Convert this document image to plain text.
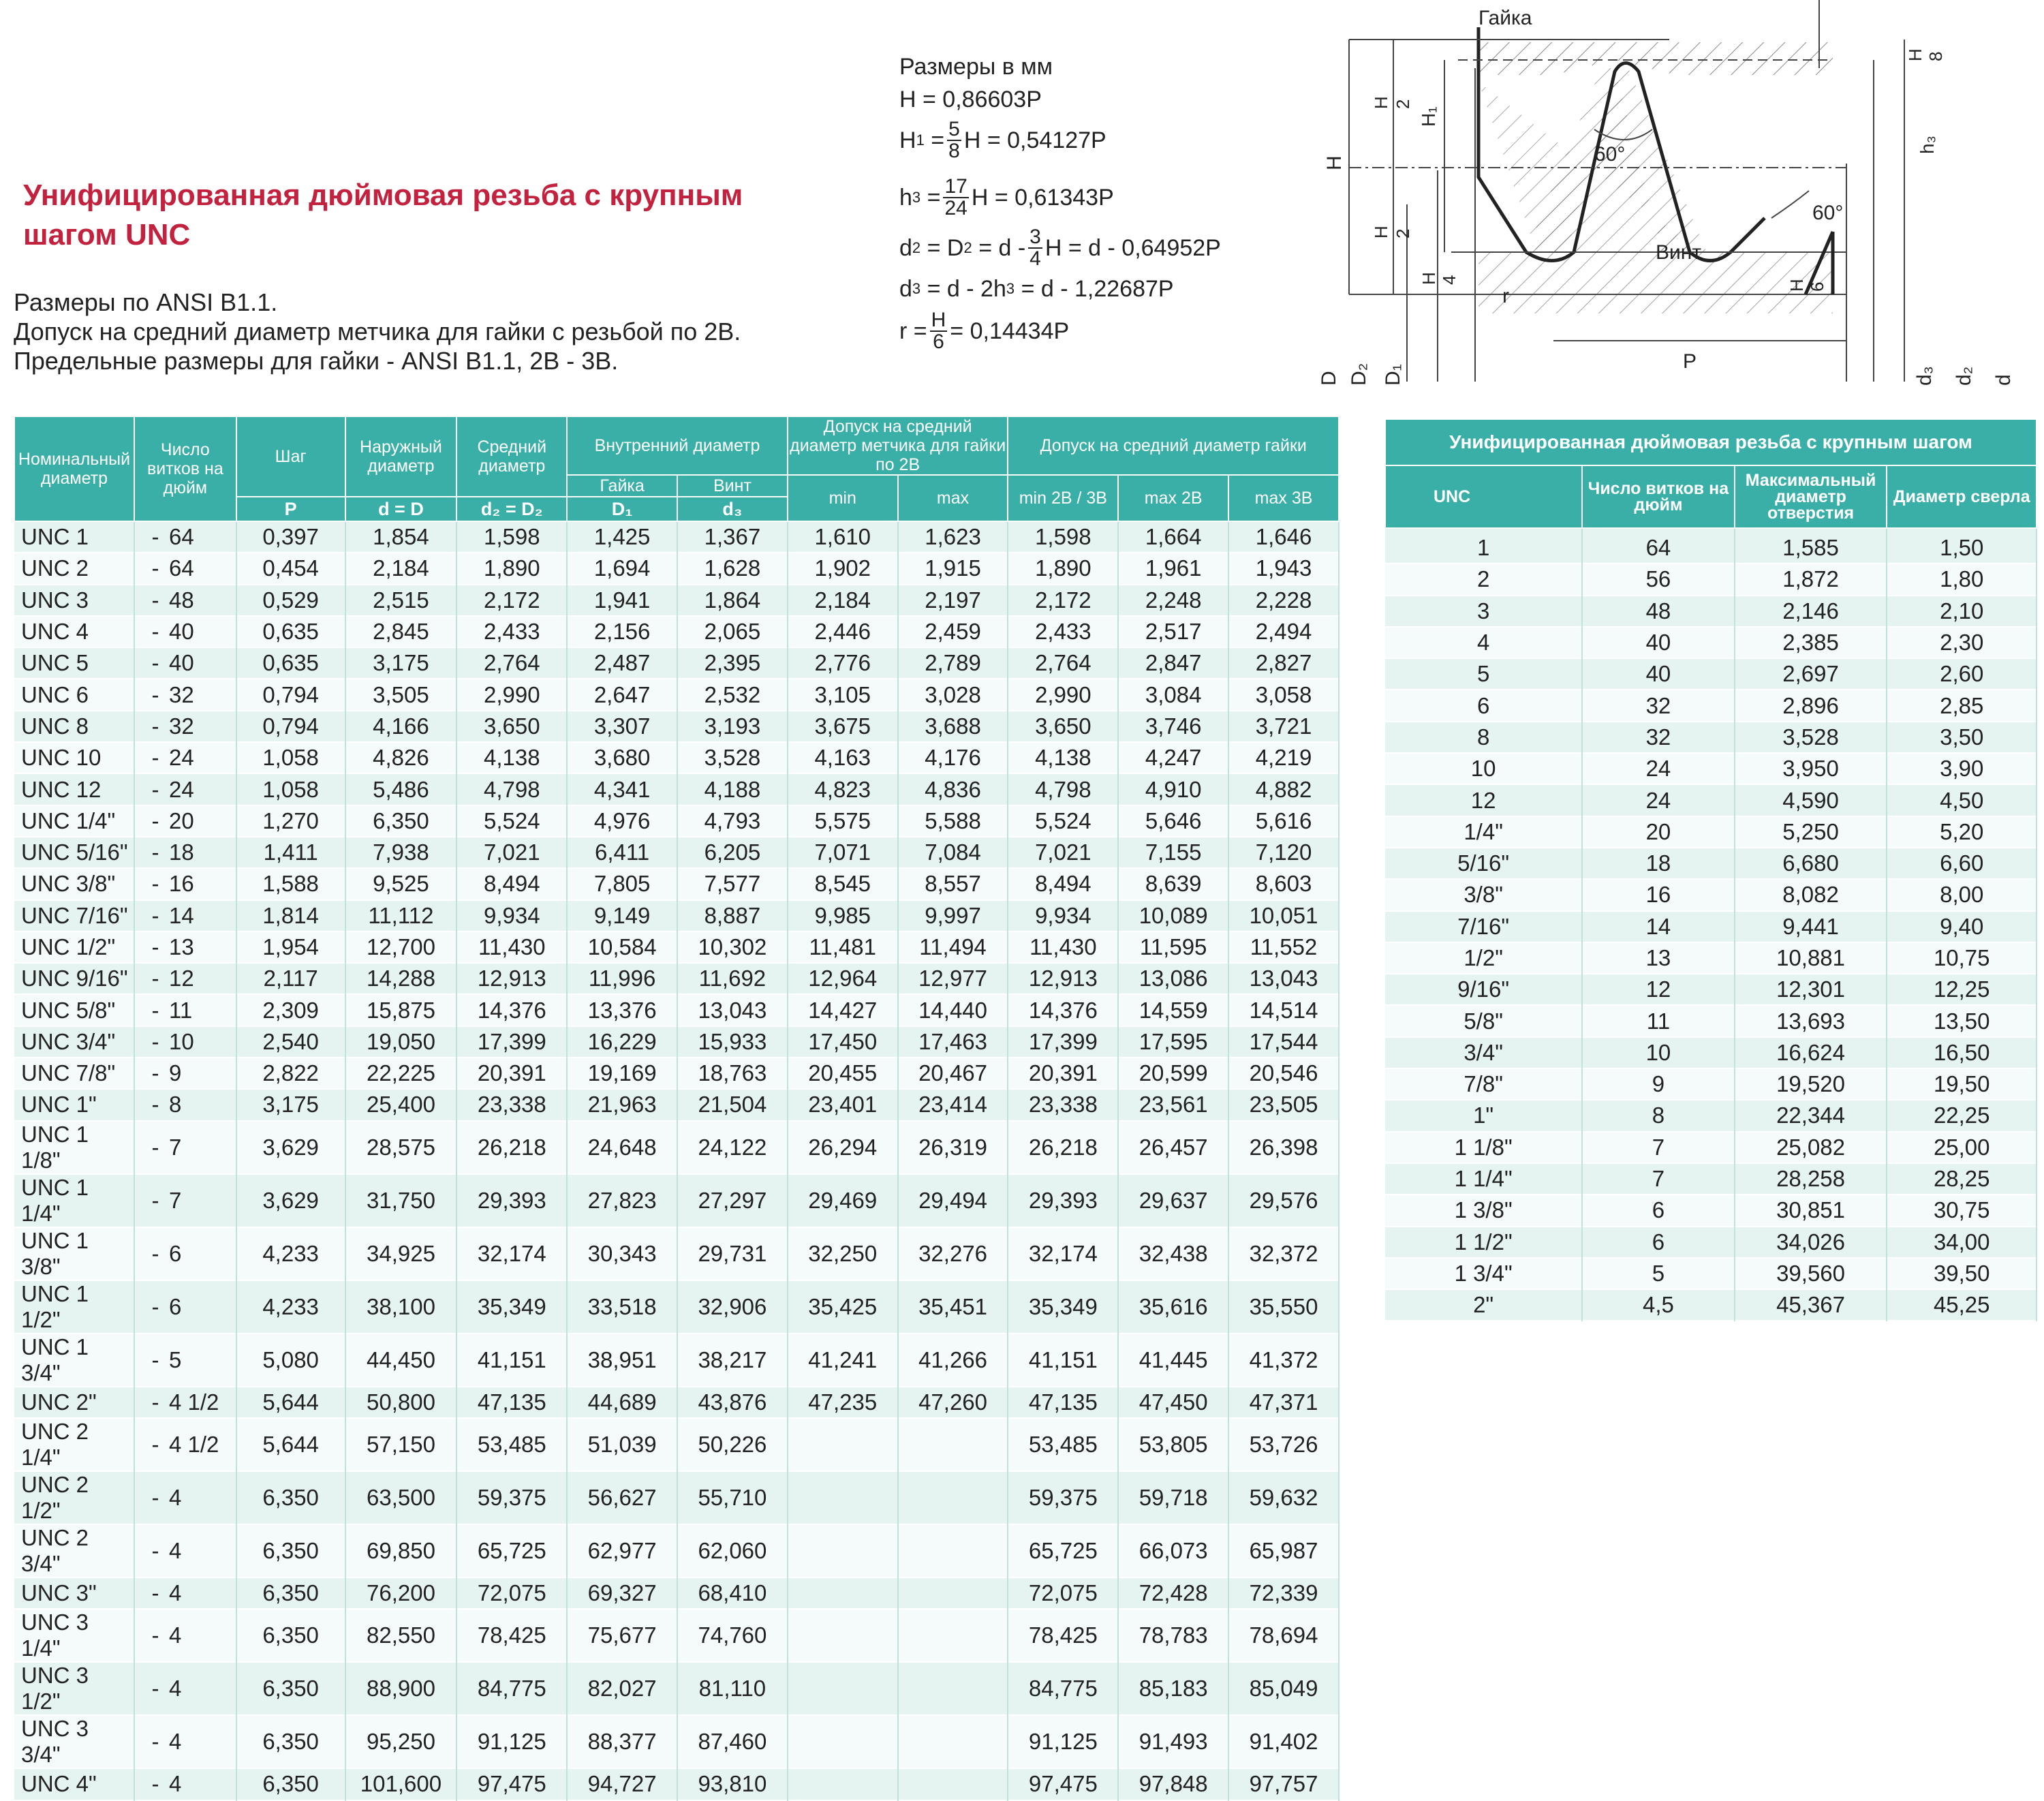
Унифицированная дюймовая резьба с крупным шагом UNC
Размеры по ANSI B1.1.
Допуск на средний диаметр метчика для гайки с резьбой по 2B.
Предельные размеры для гайки - ANSI B1.1, 2B - 3B.
Размеры в мм
H = 0,86603P
H $1 = \frac{5}{8}$ H = 0,54127P
h $3 = \frac{17}{24}$ H = 0,61343P
d 2
= D 2
= d - $\frac{3}{4}$ H = d - 0,64952P
d 3
= d - 2h 3
= d - 1,22687P
$r = \frac{H}{6} = 0,14434P$
Гайка
Винт
60°
60°
P
r
H
H 2
H 2
H 4	H 6
H 8
H₁
h₃
D D₂ D₁	d₃ d₂ d
Номинальный диаметр	Число витков на дюйм	Шаг	Наружный диаметр	Средний диаметр	Внутренний диаметр		Допуск на средний диаметр метчика для гайки по 2В		Допуск на средний диаметр гайки		
					Гайка	Винт	min	max	min 2B / 3B	max 2B	max 3B
		P	d = D	d₂ = D₂	D₁	d₃					
UNC 1	- 64	0,397	1,854	1,598	1,425	1,367	1,610	1,623	1,598	1,664	1,646
UNC 2	- 64	0,454	2,184	1,890	1,694	1,628	1,902	1,915	1,890	1,961	1,943
UNC 3	- 48	0,529	2,515	2,172	1,941	1,864	2,184	2,197	2,172	2,248	2,228
UNC 4	- 40	0,635	2,845	2,433	2,156	2,065	2,446	2,459	2,433	2,517	2,494
UNC 5	- 40	0,635	3,175	2,764	2,487	2,395	2,776	2,789	2,764	2,847	2,827
UNC 6	- 32	0,794	3,505	2,990	2,647	2,532	3,105	3,028	2,990	3,084	3,058
UNC 8	- 32	0,794	4,166	3,650	3,307	3,193	3,675	3,688	3,650	3,746	3,721
UNC 10	- 24	1,058	4,826	4,138	3,680	3,528	4,163	4,176	4,138	4,247	4,219
UNC 12	- 24	1,058	5,486	4,798	4,341	4,188	4,823	4,836	4,798	4,910	4,882
UNC 1/4"	- 20	1,270	6,350	5,524	4,976	4,793	5,575	5,588	5,524	5,646	5,616
UNC 5/16"	- 18	1,411	7,938	7,021	6,411	6,205	7,071	7,084	7,021	7,155	7,120
UNC 3/8"	- 16	1,588	9,525	8,494	7,805	7,577	8,545	8,557	8,494	8,639	8,603
UNC 7/16"	- 14	1,814	11,112	9,934	9,149	8,887	9,985	9,997	9,934	10,089	10,051
UNC 1/2"	- 13	1,954	12,700	11,430	10,584	10,302	11,481	11,494	11,430	11,595	11,552
UNC 9/16"	- 12	2,117	14,288	12,913	11,996	11,692	12,964	12,977	12,913	13,086	13,043
UNC 5/8"	- 11	2,309	15,875	14,376	13,376	13,043	14,427	14,440	14,376	14,559	14,514
UNC 3/4"	- 10	2,540	19,050	17,399	16,229	15,933	17,450	17,463	17,399	17,595	17,544
UNC 7/8"	- 9	2,822	22,225	20,391	19,169	18,763	20,455	20,467	20,391	20,599	20,546
UNC 1"	- 8	3,175	25,400	23,338	21,963	21,504	23,401	23,414	23,338	23,561	23,505
UNC 1 1/8"	- 7	3,629	28,575	26,218	24,648	24,122	26,294	26,319	26,218	26,457	26,398
UNC 1 1/4"	- 7	3,629	31,750	29,393	27,823	27,297	29,469	29,494	29,393	29,637	29,576
UNC 1 3/8"	- 6	4,233	34,925	32,174	30,343	29,731	32,250	32,276	32,174	32,438	32,372
UNC 1 1/2"	- 6	4,233	38,100	35,349	33,518	32,906	35,425	35,451	35,349	35,616	35,550
UNC 1 3/4"	- 5	5,080	44,450	41,151	38,951	38,217	41,241	41,266	41,151	41,445	41,372
UNC 2"	- 4 1/2	5,644	50,800	47,135	44,689	43,876	47,235	47,260	47,135	47,450	47,371
UNC 2 1/4"	- 4 1/2	5,644	57,150	53,485	51,039	50,226			53,485	53,805	53,726
UNC 2 1/2"	- 4	6,350	63,500	59,375	56,627	55,710			59,375	59,718	59,632
UNC 2 3/4"	- 4	6,350	69,850	65,725	62,977	62,060			65,725	66,073	65,987
UNC 3"	- 4	6,350	76,200	72,075	69,327	68,410			72,075	72,428	72,339
UNC 3 1/4"	- 4	6,350	82,550	78,425	75,677	74,760			78,425	78,783	78,694
UNC 3 1/2"	- 4	6,350	88,900	84,775	82,027	81,110			84,775	85,183	85,049
UNC 3 3/4"	- 4	6,350	95,250	91,125	88,377	87,460			91,125	91,493	91,402
UNC 4"	- 4	6,350	101,600	97,475	94,727	93,810			97,475	97,848	97,757
Унифицированная дюймовая резьба с крупным шагом			
UNC	Число витков на дюйм	Максимальный диаметр отверстия	Диаметр сверла
1	64	1,585	1,50
2	56	1,872	1,80
3	48	2,146	2,10
4	40	2,385	2,30
5	40	2,697	2,60
6	32	2,896	2,85
8	32	3,528	3,50
10	24	3,950	3,90
12	24	4,590	4,50
1/4"	20	5,250	5,20
5/16"	18	6,680	6,60
3/8"	16	8,082	8,00
7/16"	14	9,441	9,40
1/2"	13	10,881	10,75
9/16"	12	12,301	12,25
5/8"	11	13,693	13,50
3/4"	10	16,624	16,50
7/8"	9	19,520	19,50
1"	8	22,344	22,25
1 1/8"	7	25,082	25,00
1 1/4"	7	28,258	28,25
1 3/8"	6	30,851	30,75
1 1/2"	6	34,026	34,00
1 3/4"	5	39,560	39,50
2"	4,5	45,367	45,25
